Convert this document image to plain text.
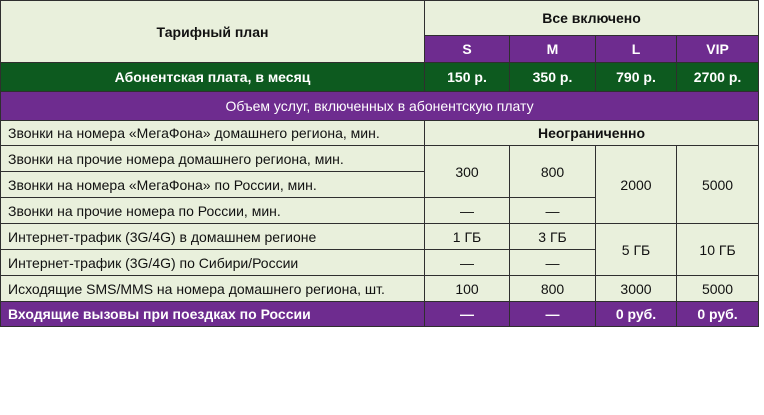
Тарифный план	Все включено			
	S	M	L	VIP
Абонентская плата, в месяц	150 р.	350 р.	790 р.	2700 р.
Объем услуг, включенных в абонентскую плату				
Звонки на номера «МегаФона» домашнего региона, мин.	Неограниченно			
Звонки на прочие номера домашнего региона, мин.	300	800	2000	5000
Звонки на номера «МегаФона» по России, мин.				
Звонки на прочие номера по России, мин.	—	—		
Интернет-трафик (3G/4G) в домашнем регионе	1 ГБ	3 ГБ	5 ГБ	10 ГБ
Интернет-трафик (3G/4G) по Сибири/России	—	—		
Исходящие SMS/MMS на номера домашнего региона, шт.	100	800	3000	5000
Входящие вызовы при поездках по России	—	—	0 руб.	0 руб.
